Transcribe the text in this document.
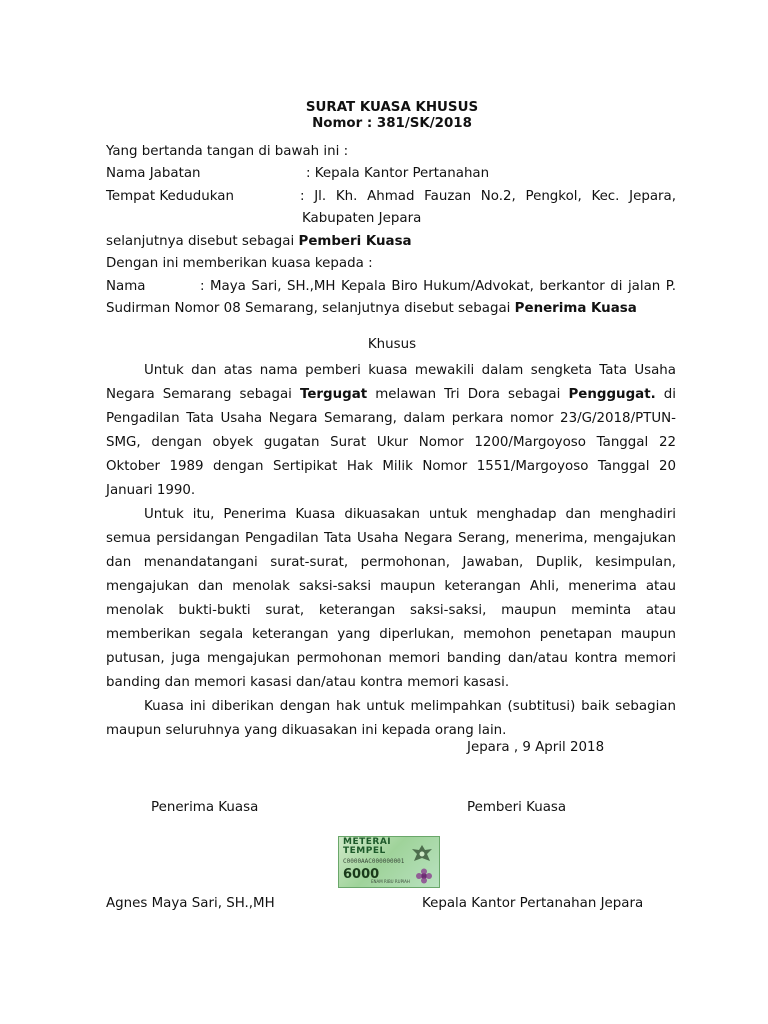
SURAT KUASA KHUSUS
Nomor : 381/SK/2018
Yang bertanda tangan di bawah ini :
Nama Jabatan	: Kepala Kantor Pertanahan
Tempat Kedudukan	: Jl. Kh. Ahmad Fauzan No.2, Pengkol, Kec. Jepara,
Kabupaten Jepara
selanjutnya disebut sebagai Pemberi Kuasa
Dengan ini memberikan kuasa kepada :
Nama	: Maya Sari, SH.,MH Kepala Biro Hukum/Advokat, berkantor di jalan P.
Sudirman Nomor 08 Semarang, selanjutnya disebut sebagai Penerima Kuasa
Khusus

Untuk dan atas nama pemberi kuasa mewakili dalam sengketa Tata Usaha Negara Semarang sebagai Tergugat melawan Tri Dora sebagai Penggugat. di Pengadilan Tata Usaha Negara Semarang, dalam perkara nomor 23/G/2018/PTUN-SMG, dengan obyek gugatan Surat Ukur Nomor 1200/Margoyoso Tanggal 22 Oktober 1989 dengan Sertipikat Hak Milik Nomor 1551/Margoyoso Tanggal 20 Januari 1990.

Untuk itu, Penerima Kuasa dikuasakan untuk menghadap dan menghadiri semua persidangan Pengadilan Tata Usaha Negara Serang, menerima, mengajukan dan menandatangani surat-surat, permohonan, Jawaban, Duplik, kesimpulan, mengajukan dan menolak saksi-saksi maupun keterangan Ahli, menerima atau menolak bukti-bukti surat, keterangan saksi-saksi, maupun meminta atau memberikan segala keterangan yang diperlukan, memohon penetapan maupun putusan, juga mengajukan permohonan memori banding dan/atau kontra memori banding dan memori kasasi dan/atau kontra memori kasasi.

Kuasa ini diberikan dengan hak untuk melimpahkan (subtitusi) baik sebagian maupun seluruhnya yang dikuasakan ini kepada orang lain.

Jepara , 9 April 2018
Penerima Kuasa	Pemberi Kuasa
METERAI
TEMPEL
C0000AAC000000001
6000
ENAM RIBU RUPIAH
Agnes Maya Sari, SH.,MH	Kepala Kantor Pertanahan Jepara
